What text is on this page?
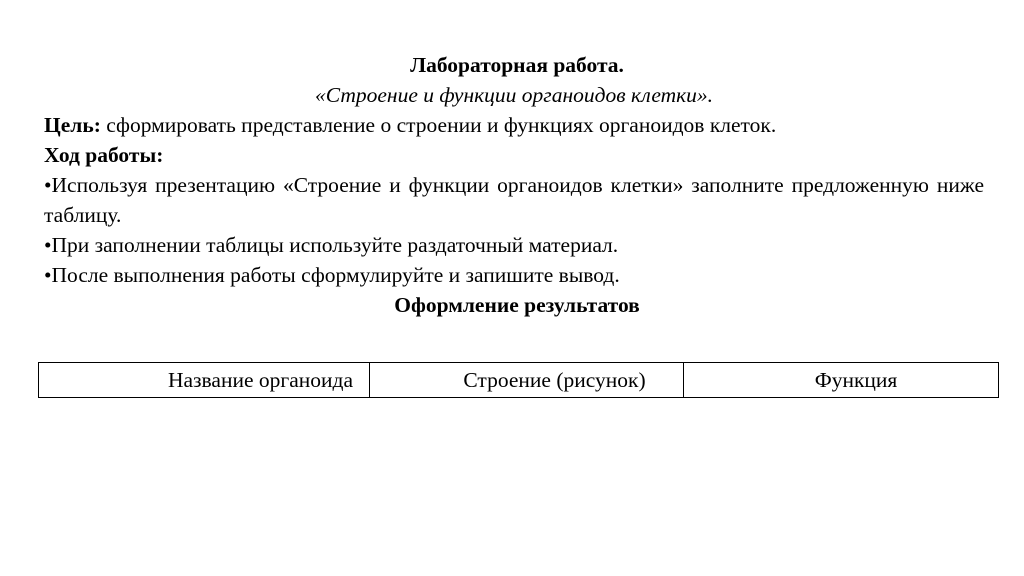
Лабораторная работа.
«Строение и функции органоидов клетки».
Цель: сформировать представление о строении и функциях органоидов клеток.
Ход работы:
•Используя презентацию «Строение и функции органоидов клетки» заполните предложенную ниже таблицу.
•При заполнении таблицы используйте раздаточный материал.
•После выполнения работы сформулируйте и запишите вывод.
Оформление результатов
Название органоида	Строение (рисунок)	Функция
